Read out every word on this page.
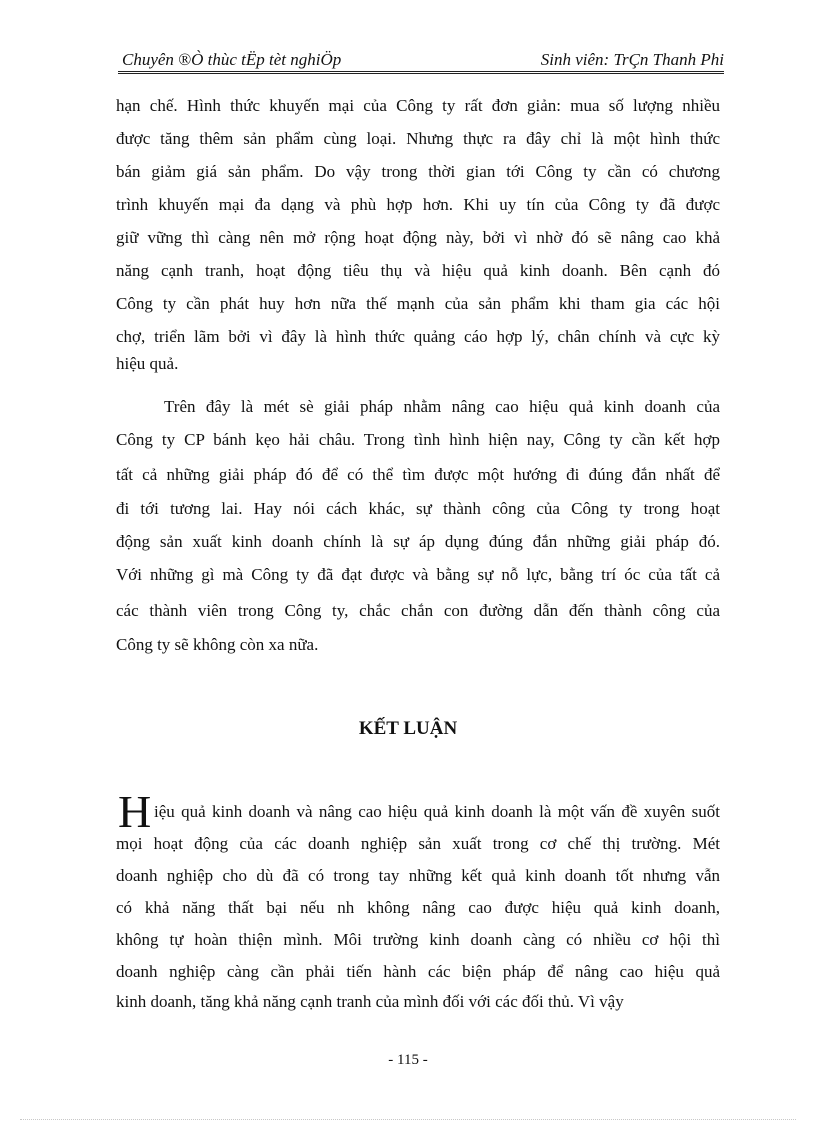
Chuyên ®Ò thùc tËp tèt nghiÖp	Sinh viên: TrÇn Thanh Phi
hạn chế. Hình thức khuyến mại của Công ty rất đơn giản: mua số lượng nhiều
được tăng thêm sản phẩm cùng loại. Nhưng thực ra đây chỉ là một hình thức
bán giảm giá sản phẩm. Do vậy trong thời gian tới Công ty cần có chương
trình khuyến mại đa dạng và phù hợp hơn. Khi uy tín của Công ty đã được
giữ vững thì càng nên mở rộng hoạt động này, bởi vì nhờ đó sẽ nâng cao khả
năng cạnh tranh, hoạt động tiêu thụ và hiệu quả kinh doanh. Bên cạnh đó
Công ty cần phát huy hơn nữa thế mạnh của sản phẩm khi tham gia các hội
chợ, triển lãm bởi vì đây là hình thức quảng cáo hợp lý, chân chính và cực kỳ
hiệu quả.
Trên đây là mét sè giải pháp nhằm nâng cao hiệu quả kinh doanh của
Công ty CP bánh kẹo hải châu. Trong tình hình hiện nay, Công ty cần kết hợp
tất cả những giải pháp đó để có thể tìm được một hướng đi đúng đắn nhất để
đi tới tương lai. Hay nói cách khác, sự thành công của Công ty trong hoạt
động sản xuất kinh doanh chính là sự áp dụng đúng đắn những giải pháp đó.
Với những gì mà Công ty đã đạt được và bằng sự nỗ lực, bằng trí óc của tất cả
các thành viên trong Công ty, chắc chắn con đường dẫn đến thành công của
Công ty sẽ không còn xa nữa.
KẾT LUẬN
H iệu quả kinh doanh và nâng cao hiệu quả kinh doanh là một vấn đề xuyên suốt
mọi hoạt động của các doanh nghiệp sản xuất trong cơ chế thị trường. Mét
doanh nghiệp cho dù đã có trong tay những kết quả kinh doanh tốt nhưng vẫn
có khả năng thất bại nếu nh không nâng cao được hiệu quả kinh doanh,
không tự hoàn thiện mình. Môi trường kinh doanh càng có nhiều cơ hội thì
doanh nghiệp càng cần phải tiến hành các biện pháp để nâng cao hiệu quả
kinh doanh, tăng khả năng cạnh tranh của mình đối với các đối thủ. Vì vậy
- 115 -
